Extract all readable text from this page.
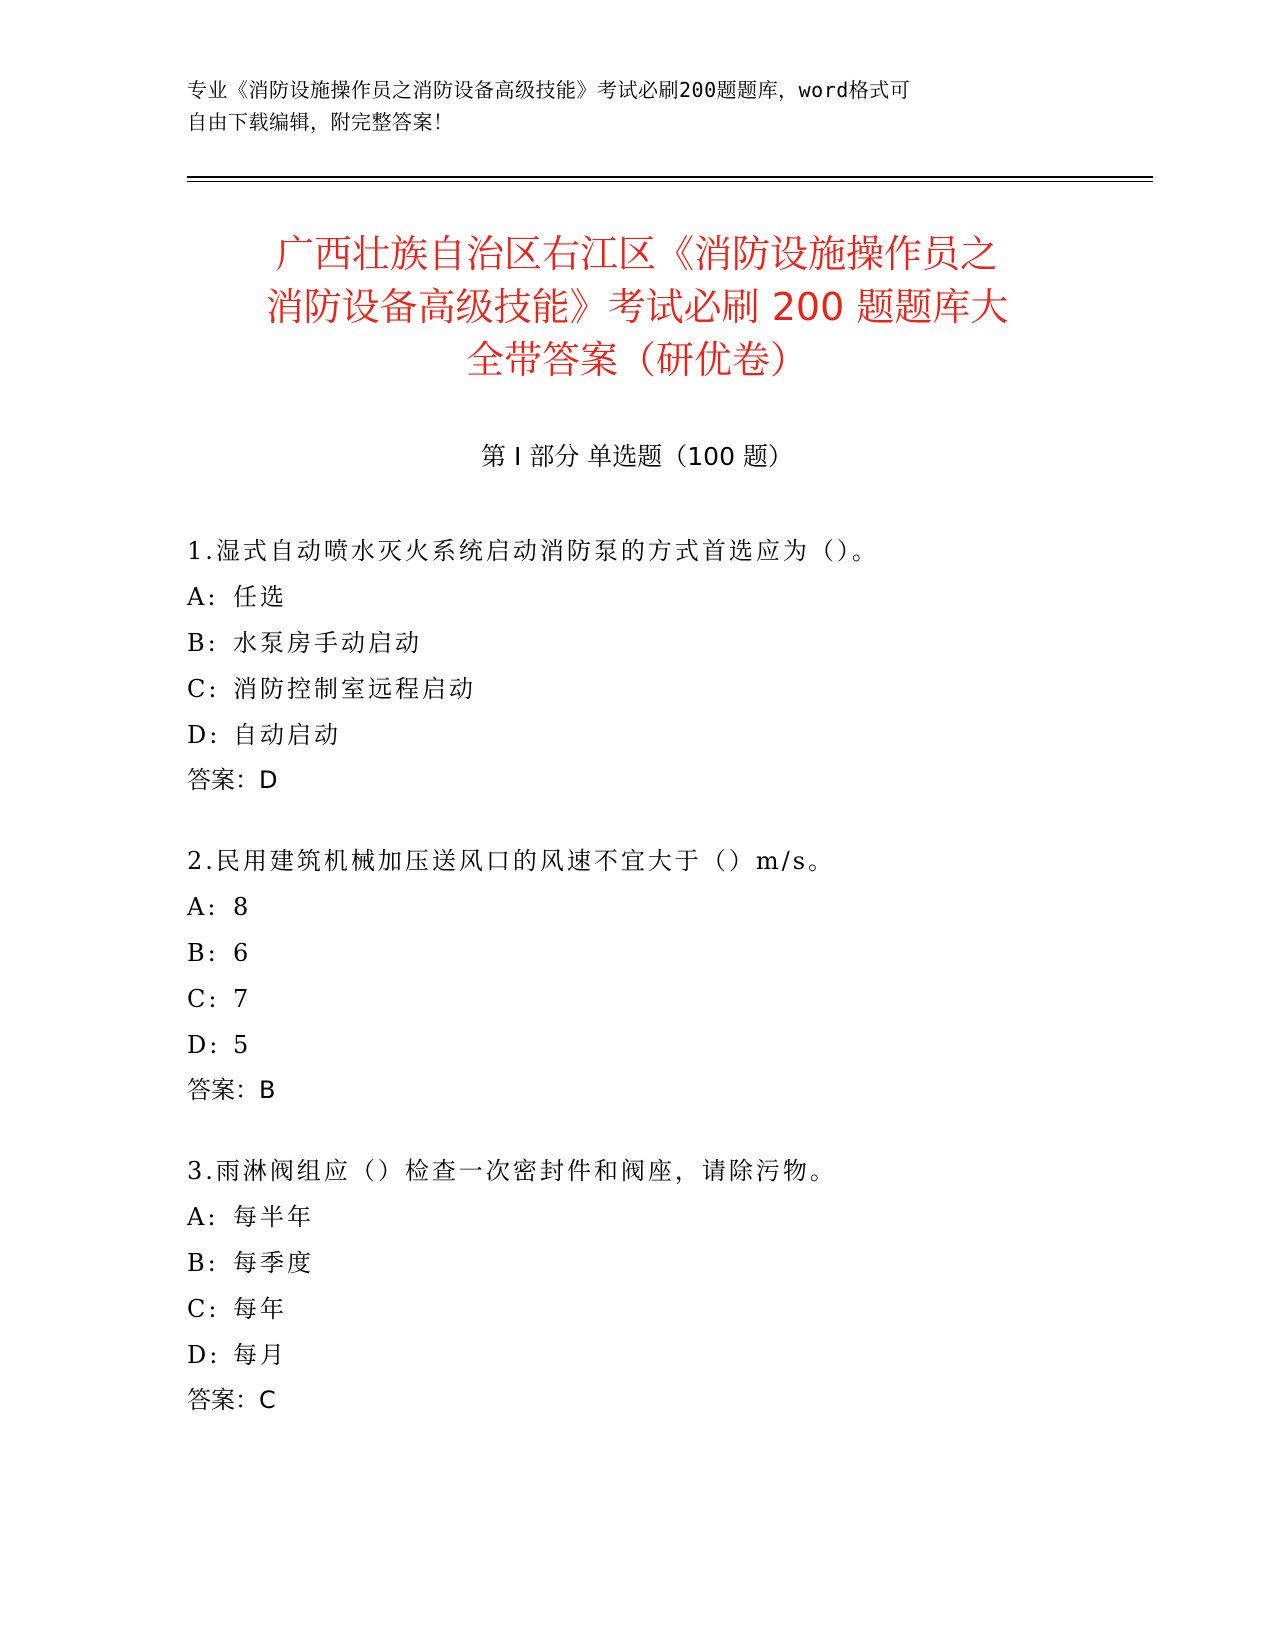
专业《消防设施操作员之消防设备高级技能》考试必刷200题题库，word格式可
自由下载编辑，附完整答案！
广西壮族自治区右江区《消防设施操作员之
消防设备高级技能》考试必刷 200 题题库大
全带答案（研优卷）
第 I 部分 单选题（100 题）
1.湿式自动喷水灭火系统启动消防泵的方式首选应为（）。
A: 任选
B: 水泵房手动启动
C: 消防控制室远程启动
D: 自动启动
答案：D
2.民用建筑机械加压送风口的风速不宜大于（）m/s。
A: 8
B: 6
C: 7
D: 5
答案：B
3.雨淋阀组应（）检查一次密封件和阀座，请除污物。
A: 每半年
B: 每季度
C: 每年
D: 每月
答案：C
